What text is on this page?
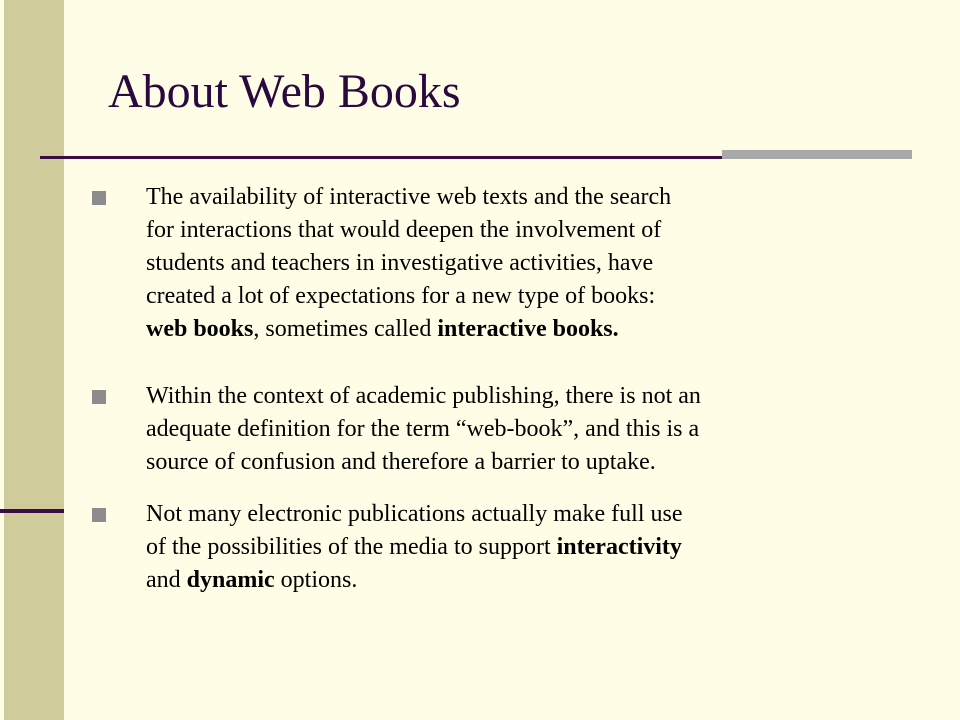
About Web Books
The availability of interactive web texts and the search
for interactions that would deepen the involvement of
students and teachers in investigative activities, have
created a lot of expectations for a new type of books:
web books, sometimes called interactive books.
Within the context of academic publishing, there is not an
adequate definition for the term “web-book”, and this is a
source of confusion and therefore a barrier to uptake.
Not many electronic publications actually make full use
of the possibilities of the media to support interactivity
and dynamic options.
